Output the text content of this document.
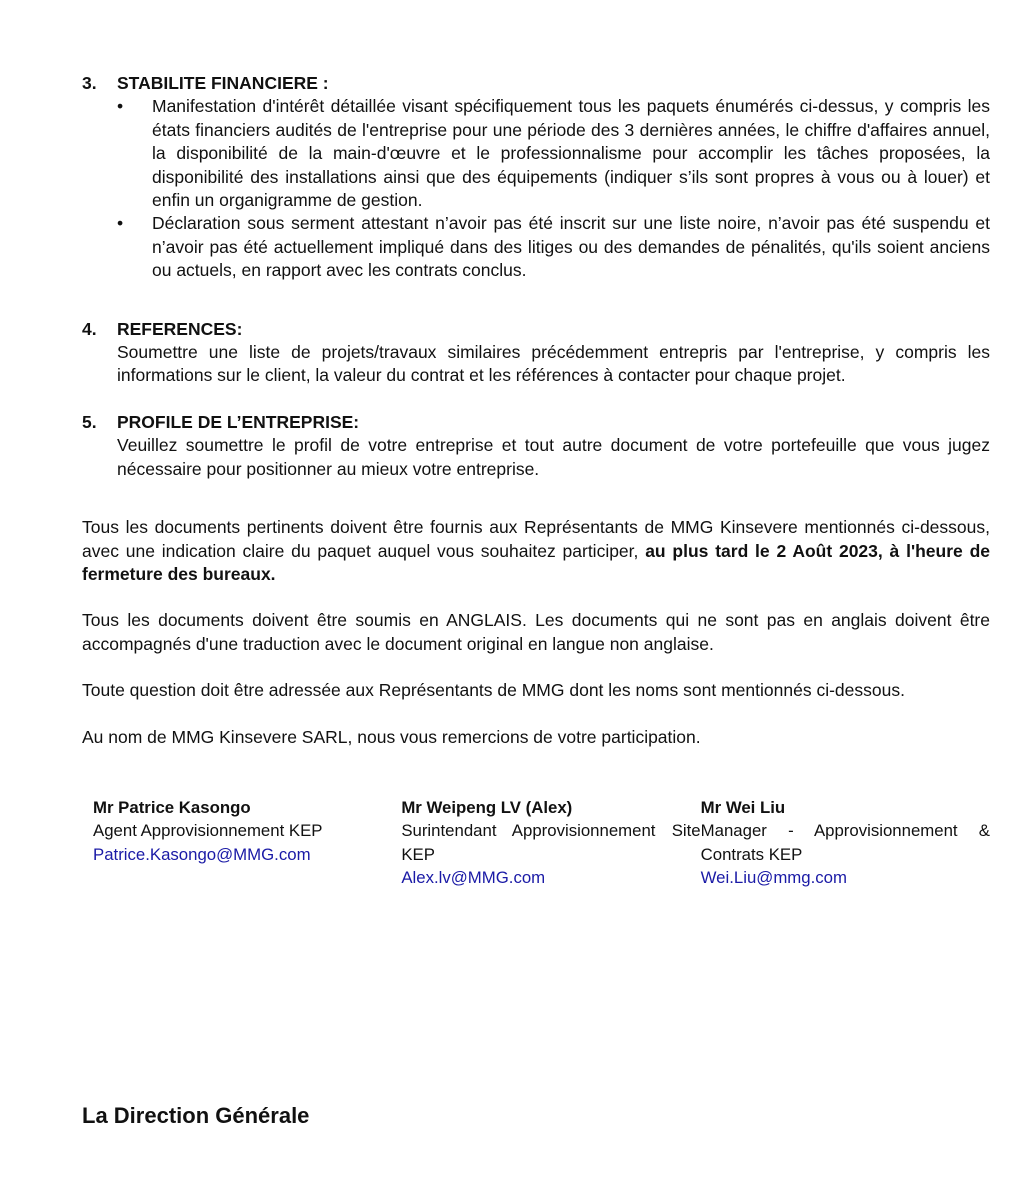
3. STABILITE FINANCIERE :
• Manifestation d'intérêt détaillée visant spécifiquement tous les paquets énumérés ci-dessus, y compris les états financiers audités de l'entreprise pour une période des 3 dernières années, le chiffre d'affaires annuel, la disponibilité de la main-d'œuvre et le professionnalisme pour accomplir les tâches proposées, la disponibilité des installations ainsi que des équipements (indiquer s’ils sont propres à vous ou à louer) et enfin un organigramme de gestion.

• Déclaration sous serment attestant n’avoir pas été inscrit sur une liste noire, n’avoir pas été suspendu et n’avoir pas été actuellement impliqué dans des litiges ou des demandes de pénalités, qu'ils soient anciens ou actuels, en rapport avec les contrats conclus.

4. REFERENCES:

Soumettre une liste de projets/travaux similaires précédemment entrepris par l'entreprise, y compris les informations sur le client, la valeur du contrat et les références à contacter pour chaque projet.

5. PROFILE DE L’ENTREPRISE:

Veuillez soumettre le profil de votre entreprise et tout autre document de votre portefeuille que vous jugez nécessaire pour positionner au mieux votre entreprise.

Tous les documents pertinents doivent être fournis aux Représentants de MMG Kinsevere mentionnés ci-dessous, avec une indication claire du paquet auquel vous souhaitez participer, au plus tard le 2 Août 2023, à l'heure de fermeture des bureaux.

Tous les documents doivent être soumis en ANGLAIS. Les documents qui ne sont pas en anglais doivent être accompagnés d'une traduction avec le document original en langue non anglaise.

Toute question doit être adressée aux Représentants de MMG dont les noms sont mentionnés ci-dessous.

Au nom de MMG Kinsevere SARL, nous vous remercions de votre participation.

Mr Patrice Kasongo
Agent Approvisionnement KEP
Patrice.Kasongo@MMG.com
Mr Weipeng LV (Alex)
Surintendant Approvisionnement Site KEP
Alex.lv@MMG.com
Mr Wei Liu
Manager - Approvisionnement & Contrats KEP
Wei.Liu@mmg.com
La Direction Générale
